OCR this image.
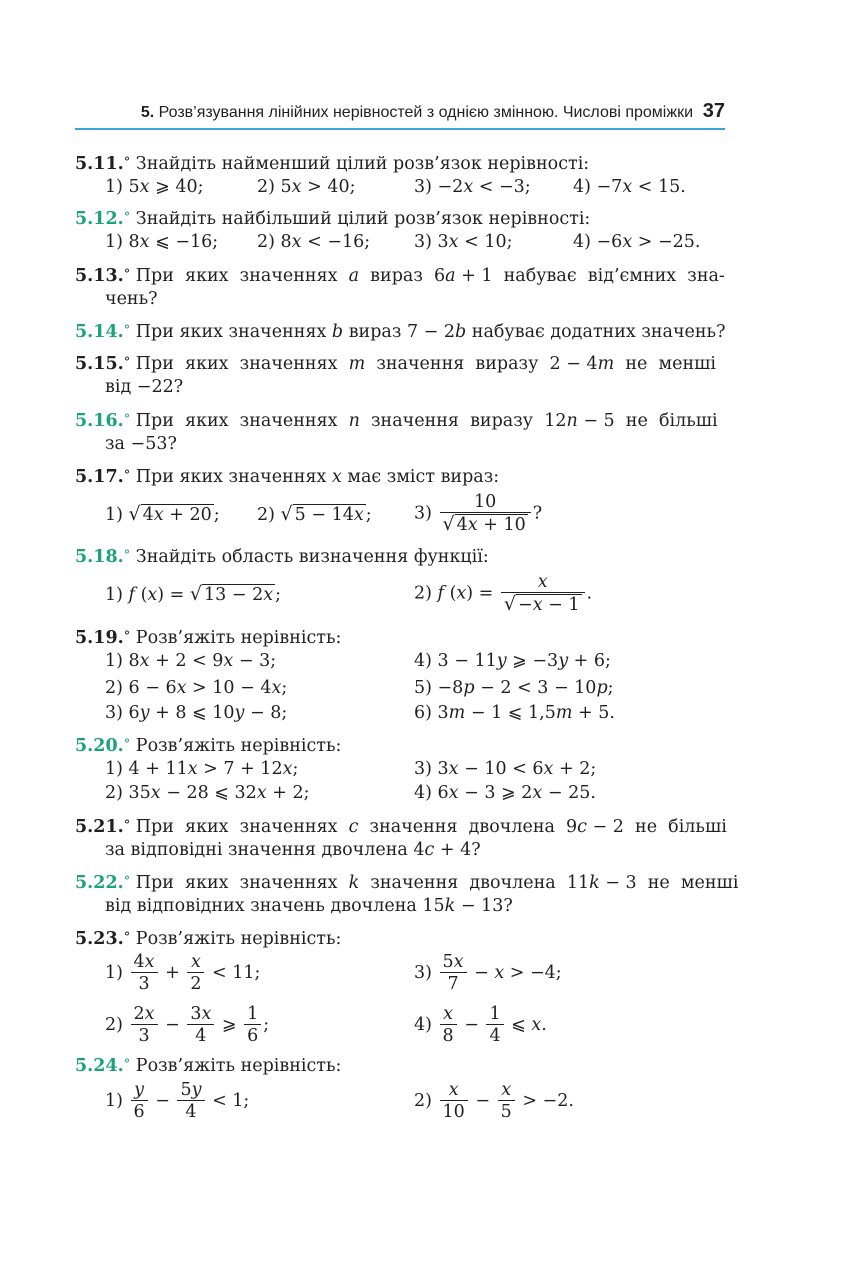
5. Розв’язування лінійних нерівностей з однією змінною. Числові проміжки 37
5.11.° Знайдіть найменший цілий розв’язок нерівності:
1) 5x ⩾ 40;	2) 5x > 40;	3) −2x < −3; 4) −7x < 15.
5.12.° Знайдіть найбільший цілий розв’язок нерівності:
1) 8x ⩽ −16; 2) 8x < −16;	3) 3x < 10;	4) −6x > −25.
5.13.° При  яких  значеннях  a  вираз  6a + 1  набуває  від’ємних  зна-
чень?
5.14.° При яких значеннях b вираз 7 − 2b набуває додатних значень?
5.15.° При  яких  значеннях  m  значення  виразу  2 − 4m  не  менші
від −22?
5.16.° При  яких  значеннях  n  значення  виразу  12n − 5  не  більші
за −53?
5.17.° При яких значеннях x має зміст вираз:
1) √ 4x + 20 ; 2) √ 5 − 14x ; $3) \frac{10}{√ 4x + 10}$ ?
5.18.° Знайдіть область визначення функції:
1) f (x) = √ 13 − 2x ;	2) f $(x) = \frac{x}{√ -x - 1}$ .
5.19.° Розв’яжіть нерівність:
1) 8x + 2 < 9x − 3;	4) 3 − 11y ⩾ −3y + 6;
2) 6 − 6x > 10 − 4x;	5) −8p − 2 < 3 − 10p;
3) 6y + 8 ⩽ 10y − 8;	6) 3m − 1 ⩽ 1,5m + 5.
5.20.° Розв’яжіть нерівність:
1) 4 + 11x > 7 + 12x;	3) 3x − 10 < 6x + 2;
2) 35x − 28 ⩽ 32x + 2;	4) 6x − 3 ⩾ 2x − 25.
5.21.° При  яких  значеннях  c  значення  двочлена  9c − 2  не  більші
за відповідні значення двочлена 4c + 4?
5.22.° При  яких  значеннях  k  значення  двочлена  11k − 3  не  менші
від відповідних значень двочлена 15k − 13?
5.23.° Розв’яжіть нерівність:
$1) \frac{4x}{3} + \frac{x}{2} < 11$;	$3) \frac{5x}{7} - x > -4$;
$2) \frac{2x}{3} - \frac{3x}{4}$ ⩾ $\frac{1}{6}$ ;	$4) \frac{x}{8} - \frac{1}{4}$ ⩽ x.
5.24.° Розв’яжіть нерівність:
$1) \frac{y}{6} - \frac{5y}{4} < 1$;	$2) \frac{x}{10} - \frac{x}{5} > -2$.
